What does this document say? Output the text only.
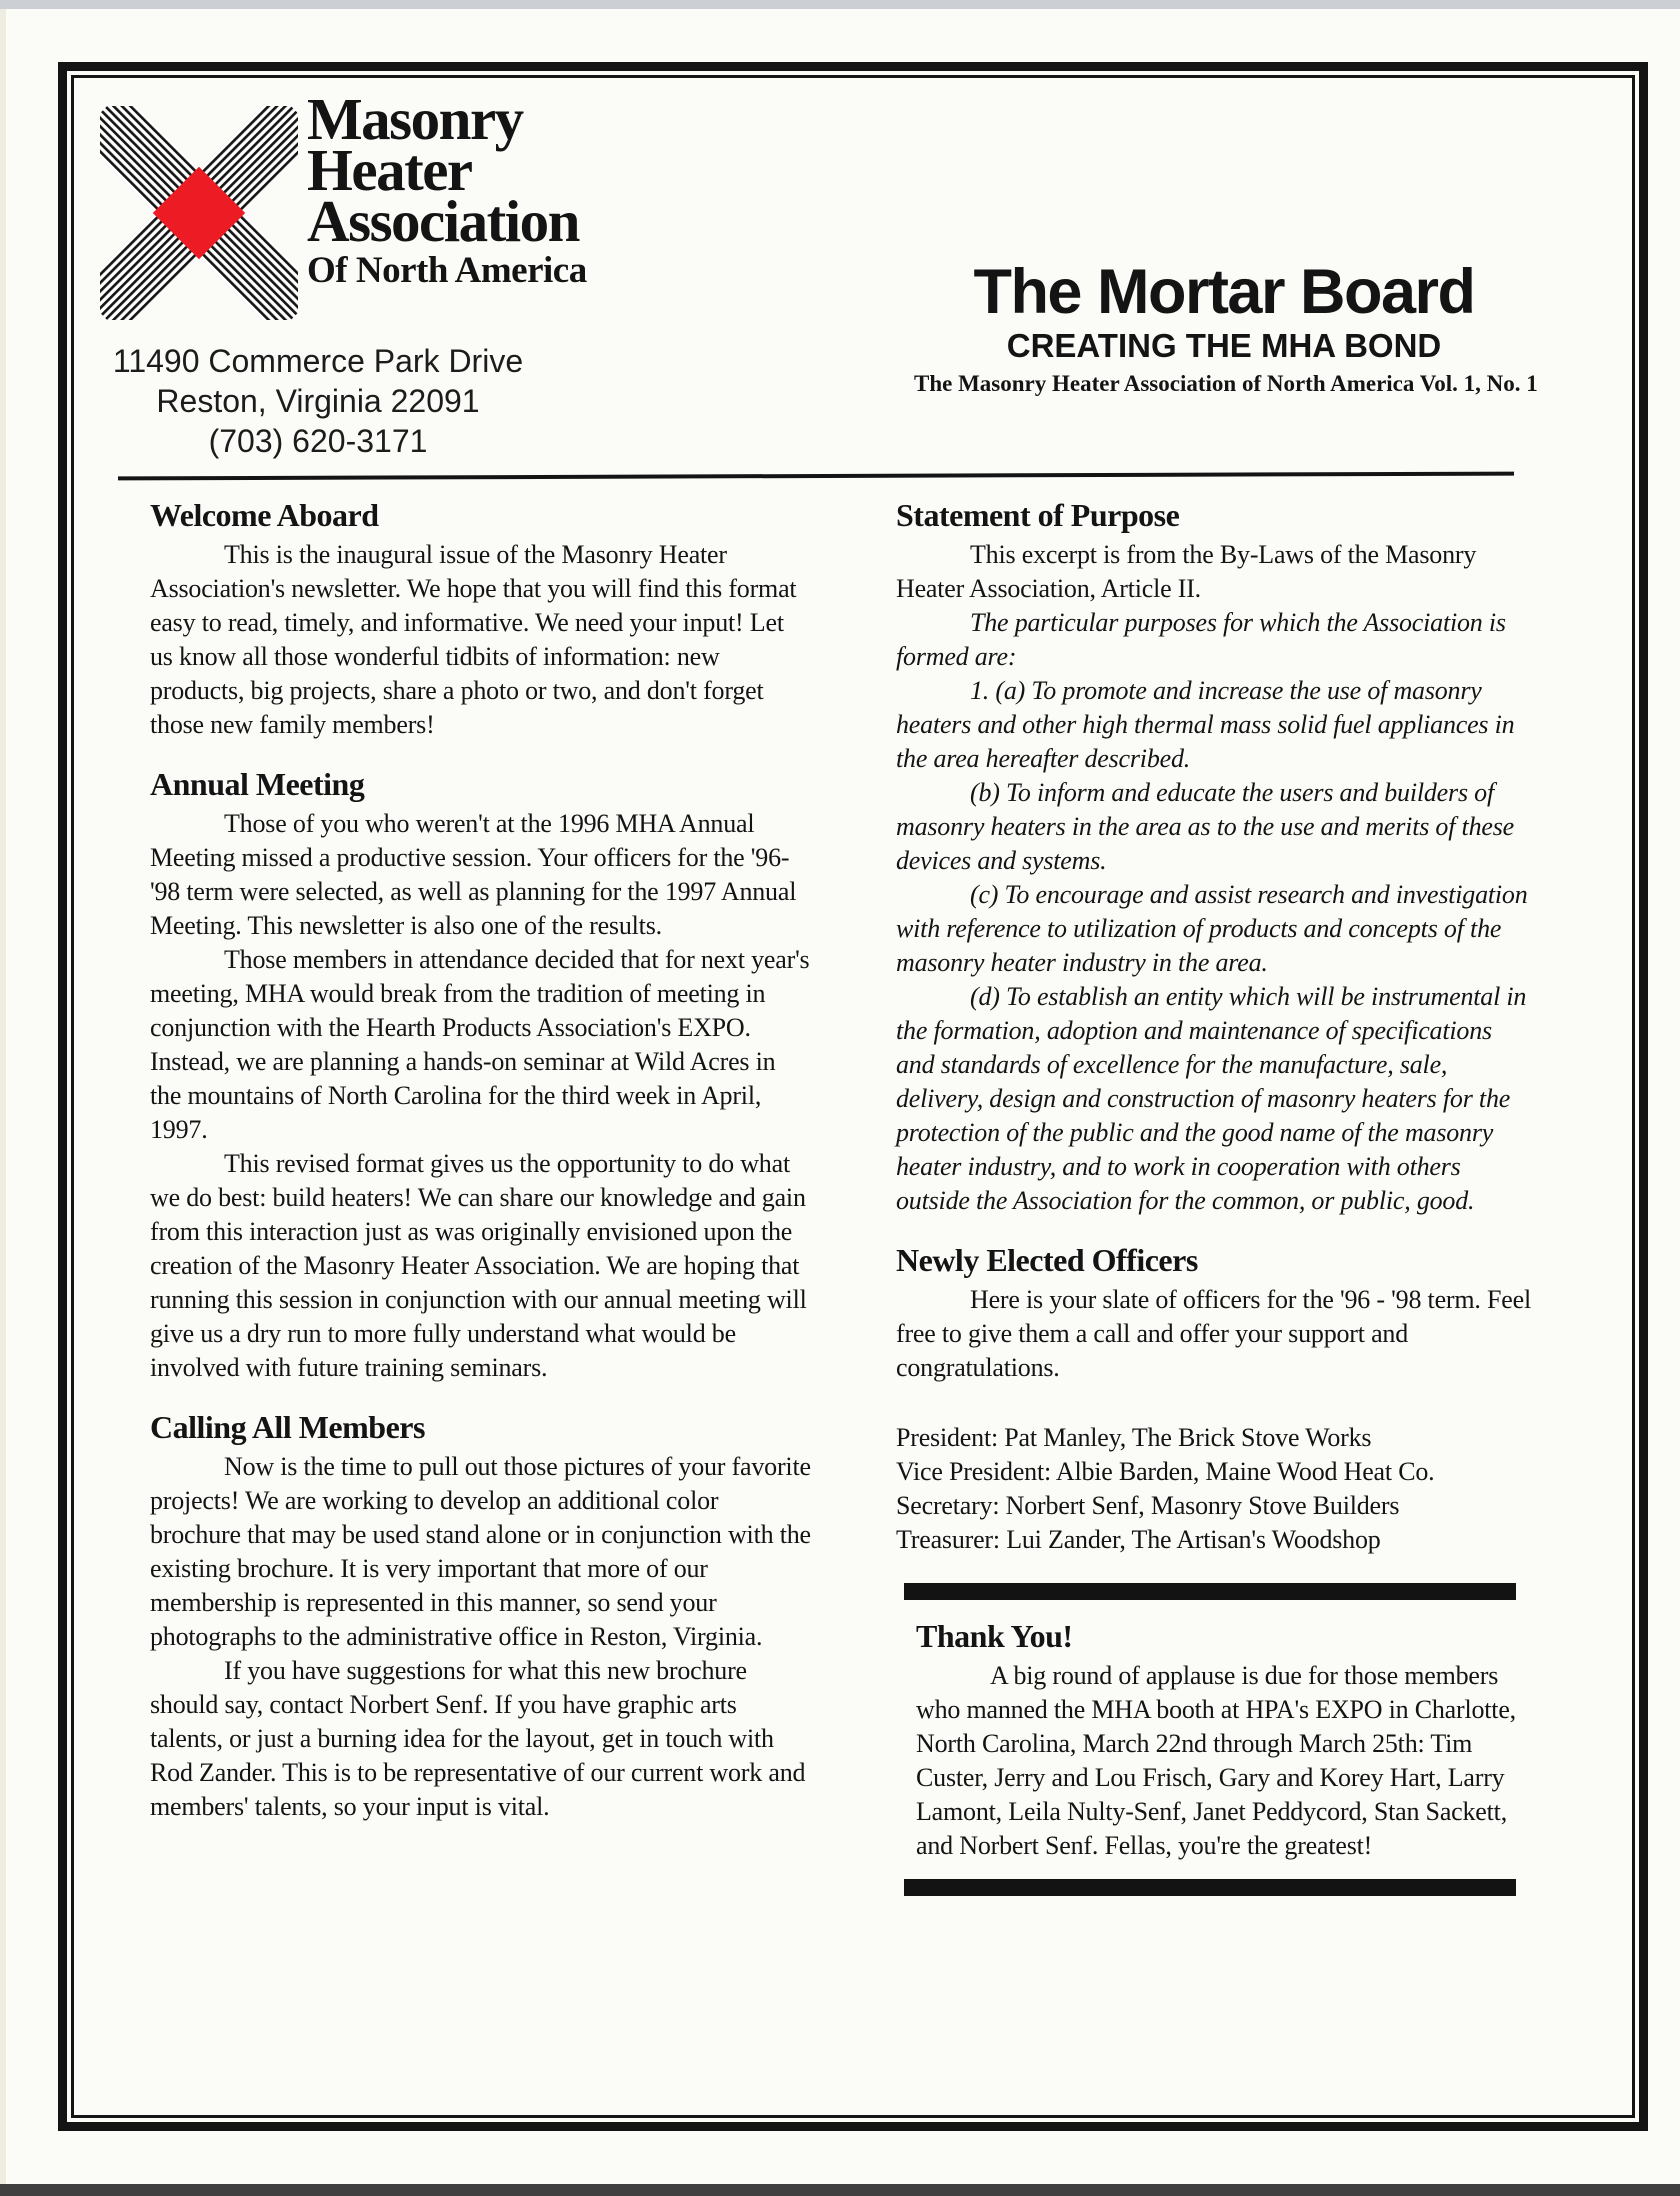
Masonry
Heater
Association
Of North America
11490 Commerce Park Drive
Reston, Virginia 22091
(703) 620-3171
The Mortar Board
CREATING THE MHA BOND
The Masonry Heater Association of North America Vol. 1, No. 1
Welcome Aboard

This is the inaugural issue of the Masonry Heater Association's newsletter. We hope that you will find this format easy to read, timely, and informative. We need your input! Let us know all those wonderful tidbits of information: new products, big projects, share a photo or two, and don't forget those new family members!

Annual Meeting

Those of you who weren't at the 1996 MHA Annual Meeting missed a productive session. Your officers for the '96-'98 term were selected, as well as planning for the 1997 Annual Meeting. This newsletter is also one of the results.

Those members in attendance decided that for next year's meeting, MHA would break from the tradition of meeting in conjunction with the Hearth Products Association's EXPO. Instead, we are planning a hands-on seminar at Wild Acres in the mountains of North Carolina for the third week in April, 1997.

This revised format gives us the opportunity to do what we do best: build heaters! We can share our knowledge and gain from this interaction just as was originally envisioned upon the creation of the Masonry Heater Association. We are hoping that running this session in conjunction with our annual meeting will give us a dry run to more fully understand what would be involved with future training seminars.

Calling All Members

Now is the time to pull out those pictures of your favorite projects! We are working to develop an additional color brochure that may be used stand alone or in conjunction with the existing brochure. It is very important that more of our membership is represented in this manner, so send your photographs to the administrative office in Reston, Virginia.

If you have suggestions for what this new brochure should say, contact Norbert Senf. If you have graphic arts talents, or just a burning idea for the layout, get in touch with Rod Zander. This is to be representative of our current work and members' talents, so your input is vital.

Statement of Purpose

This excerpt is from the By-Laws of the Masonry Heater Association, Article II.

The particular purposes for which the Association is formed are:

1. (a) To promote and increase the use of masonry heaters and other high thermal mass solid fuel appliances in the area hereafter described.

(b) To inform and educate the users and builders of masonry heaters in the area as to the use and merits of these devices and systems.

(c) To encourage and assist research and investigation with reference to utilization of products and concepts of the masonry heater industry in the area.

(d) To establish an entity which will be instrumental in the formation, adoption and maintenance of specifications and standards of excellence for the manufacture, sale, delivery, design and construction of masonry heaters for the protection of the public and the good name of the masonry heater industry, and to work in cooperation with others outside the Association for the common, or public, good.

Newly Elected Officers

Here is your slate of officers for the '96 - '98 term. Feel free to give them a call and offer your support and congratulations.

President: Pat Manley, The Brick Stove Works

Vice President: Albie Barden, Maine Wood Heat Co.

Secretary: Norbert Senf, Masonry Stove Builders

Treasurer: Lui Zander, The Artisan's Woodshop

Thank You!

A big round of applause is due for those members who manned the MHA booth at HPA's EXPO in Charlotte, North Carolina, March 22nd through March 25th: Tim Custer, Jerry and Lou Frisch, Gary and Korey Hart, Larry Lamont, Leila Nulty-Senf, Janet Peddycord, Stan Sackett, and Norbert Senf. Fellas, you're the greatest!
